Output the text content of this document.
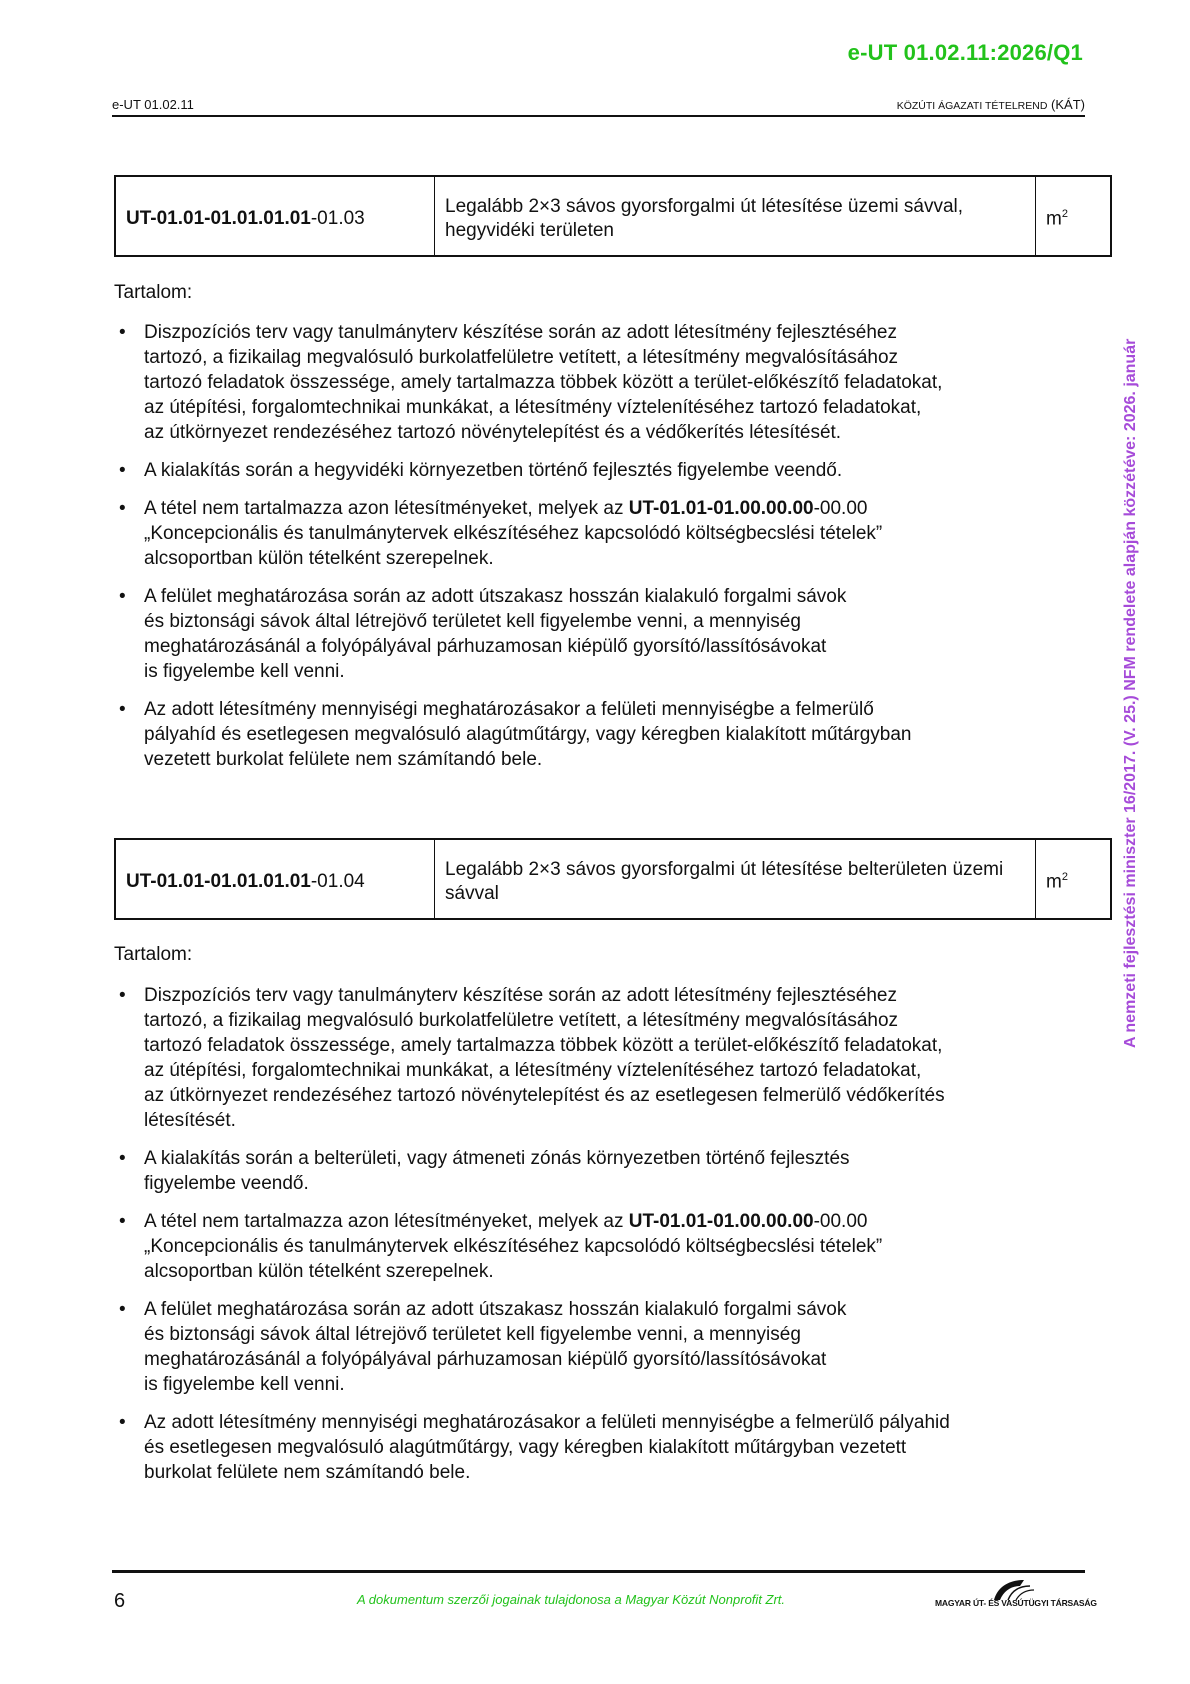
e-UT 01.02.11:2026/Q1
e-UT 01.02.11	KÖZÚTI ÁGAZATI TÉTELREND (KÁT)
UT-01.01-01.01.01.01-01.03	Legalább 2×3 sávos gyorsforgalmi út létesítése üzemi sávval, hegyvidéki területen	$m^2$
Tartalom:
• Diszpozíciós terv vagy tanulmányterv készítése során az adott létesítmény fejlesztéséhez
tartozó, a fizikailag megvalósuló burkolatfelületre vetített, a létesítmény megvalósításához
tartozó feladatok összessége, amely tartalmazza többek között a terület-előkészítő feladatokat,
az útépítési, forgalomtechnikai munkákat, a létesítmény víztelenítéséhez tartozó feladatokat,
az útkörnyezet rendezéséhez tartozó növénytelepítést és a védőkerítés létesítését.
• A kialakítás során a hegyvidéki környezetben történő fejlesztés figyelembe veendő.
• A tétel nem tartalmazza azon létesítményeket, melyek az UT-01.01-01.00.00.00-00.00
„Koncepcionális és tanulmánytervek elkészítéséhez kapcsolódó költségbecslési tételek”
alcsoportban külön tételként szerepelnek.
• A felület meghatározása során az adott útszakasz hosszán kialakuló forgalmi sávok
és biztonsági sávok által létrejövő területet kell figyelembe venni, a mennyiség
meghatározásánál a folyópályával párhuzamosan kiépülő gyorsító/lassítósávokat
is figyelembe kell venni.
• Az adott létesítmény mennyiségi meghatározásakor a felületi mennyiségbe a felmerülő
pályahíd és esetlegesen megvalósuló alagútműtárgy, vagy kéregben kialakított műtárgyban
vezetett burkolat felülete nem számítandó bele.
UT-01.01-01.01.01.01-01.04	Legalább 2×3 sávos gyorsforgalmi út létesítése belterületen üzemi sávval	$m^2$
Tartalom:
• Diszpozíciós terv vagy tanulmányterv készítése során az adott létesítmény fejlesztéséhez
tartozó, a fizikailag megvalósuló burkolatfelületre vetített, a létesítmény megvalósításához
tartozó feladatok összessége, amely tartalmazza többek között a terület-előkészítő feladatokat,
az útépítési, forgalomtechnikai munkákat, a létesítmény víztelenítéséhez tartozó feladatokat,
az útkörnyezet rendezéséhez tartozó növénytelepítést és az esetlegesen felmerülő védőkerítés
létesítését.
• A kialakítás során a belterületi, vagy átmeneti zónás környezetben történő fejlesztés
figyelembe veendő.
• A tétel nem tartalmazza azon létesítményeket, melyek az UT-01.01-01.00.00.00-00.00
„Koncepcionális és tanulmánytervek elkészítéséhez kapcsolódó költségbecslési tételek”
alcsoportban külön tételként szerepelnek.
• A felület meghatározása során az adott útszakasz hosszán kialakuló forgalmi sávok
és biztonsági sávok által létrejövő területet kell figyelembe venni, a mennyiség
meghatározásánál a folyópályával párhuzamosan kiépülő gyorsító/lassítósávokat
is figyelembe kell venni.
• Az adott létesítmény mennyiségi meghatározásakor a felületi mennyiségbe a felmerülő pályahid
és esetlegesen megvalósuló alagútműtárgy, vagy kéregben kialakított műtárgyban vezetett
burkolat felülete nem számítandó bele.
A nemzeti fejlesztési miniszter 16/2017. (V. 25.) NFM rendelete alapján közzétéve: 2026. január
6	A dokumentum szerzői jogainak tulajdonosa a Magyar Közút Nonprofit Zrt.	MAGYAR ÚT- ÉS VASÚTÜGYI TÁRSASÁG
